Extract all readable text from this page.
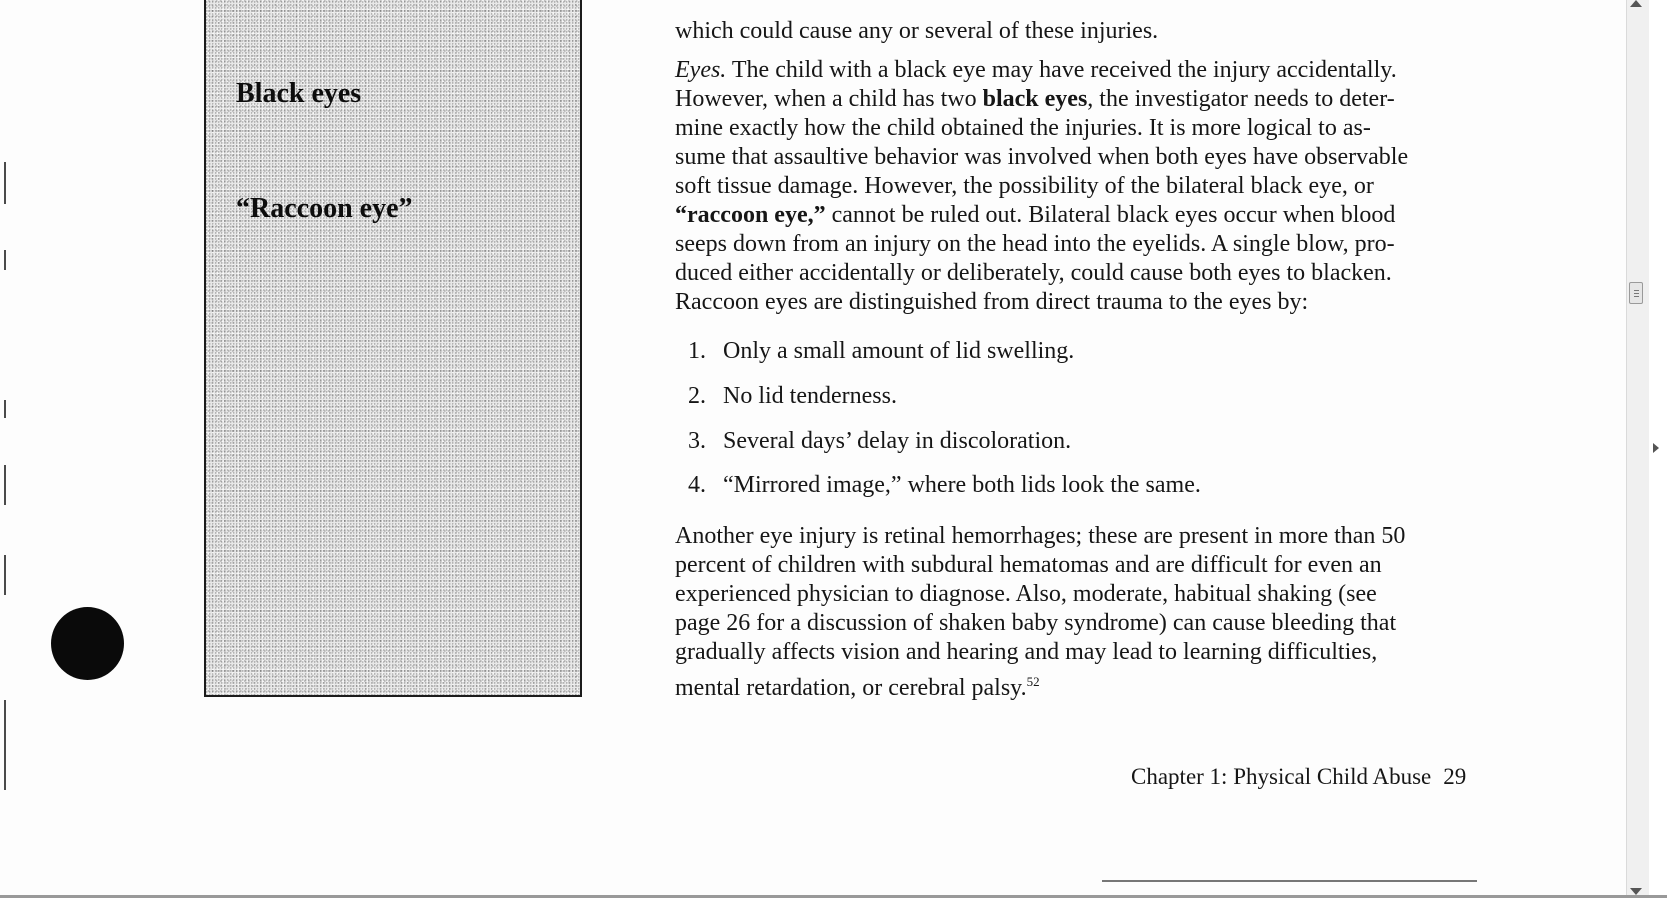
Black eyes
“Raccoon eye”
which could cause any or several of these injuries.
Eyes. The child with a black eye may have received the injury accidentally.
However, when a child has two black eyes, the investigator needs to deter-
mine exactly how the child obtained the injuries. It is more logical to as-
sume that assaultive behavior was involved when both eyes have observable
soft tissue damage. However, the possibility of the bilateral black eye, or
“raccoon eye,” cannot be ruled out. Bilateral black eyes occur when blood
seeps down from an injury on the head into the eyelids. A single blow, pro-
duced either accidentally or deliberately, could cause both eyes to blacken.
Raccoon eyes are distinguished from direct trauma to the eyes by:
1. Only a small amount of lid swelling.
2. No lid tenderness.
3. Several days’ delay in discoloration.
4. “Mirrored image,” where both lids look the same.
Another eye injury is retinal hemorrhages; these are present in more than 50
percent of children with subdural hematomas and are difficult for even an
experienced physician to diagnose. Also, moderate, habitual shaking (see
page 26 for a discussion of shaken baby syndrome) can cause bleeding that
gradually affects vision and hearing and may lead to learning difficulties,
mental retardation, or cerebral palsy.$^{52}$
Chapter 1: Physical Child Abuse 29
